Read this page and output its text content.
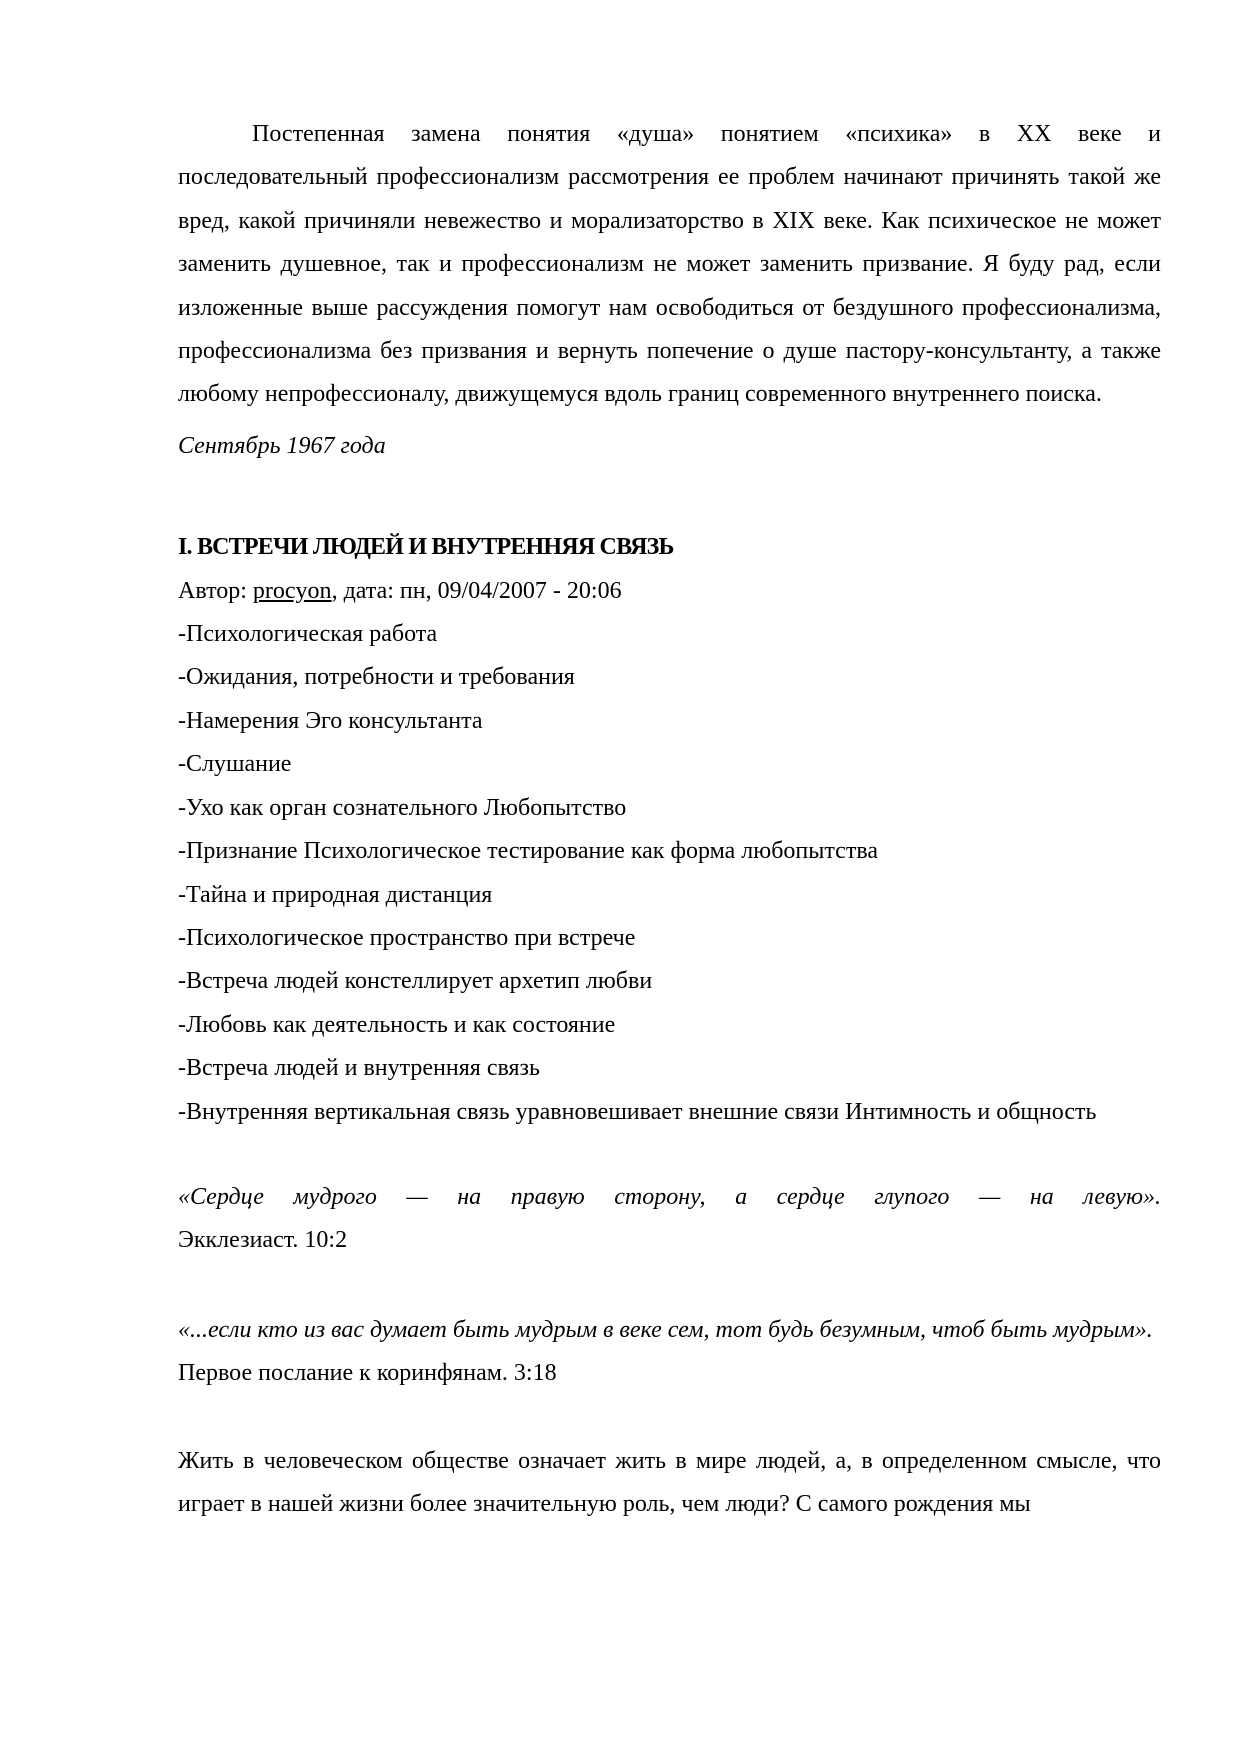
Постепенная замена понятия «душа» понятием «психика» в XX веке и последовательный профессионализм рассмотрения ее проблем начинают причинять такой же вред, какой причиняли невежество и морализаторство в XIX веке. Как психическое не может заменить душевное, так и профессионализм не может заменить призвание. Я буду рад, если изложенные выше рассуждения помогут нам освободиться от бездушного профессионализма, профессионализма без призвания и вернуть попечение о душе пастору-консультанту, а также любому непрофессионалу, движущемуся вдоль границ современного внутреннего поиска.

Сентябрь 1967 года

I. ВСТРЕЧИ ЛЮДЕЙ И ВНУТРЕННЯЯ СВЯЗЬ

Автор: procyon, дата: пн, 09/04/2007 - 20:06

-Психологическая работа

-Ожидания, потребности и требования

-Намерения Эго консультанта

-Слушание

-Ухо как орган сознательного Любопытство

-Признание Психологическое тестирование как форма любопытства

-Тайна и природная дистанция

-Психологическое пространство при встрече

-Встреча людей констеллирует архетип любви

-Любовь как деятельность и как состояние

-Встреча людей и внутренняя связь

-Внутренняя вертикальная связь уравновешивает внешние связи Интимность и общность

«Сердце мудрого — на правую сторону, а сердце глупого — на левую».

Экклезиаст. 10:2

«...если кто из вас думает быть мудрым в веке сем, тот будь безумным, чтоб быть мудрым».

Первое послание к коринфянам. 3:18

Жить в человеческом обществе означает жить в мире людей, а, в определенном смысле, что играет в нашей жизни более значительную роль, чем люди? С самого рождения мы
